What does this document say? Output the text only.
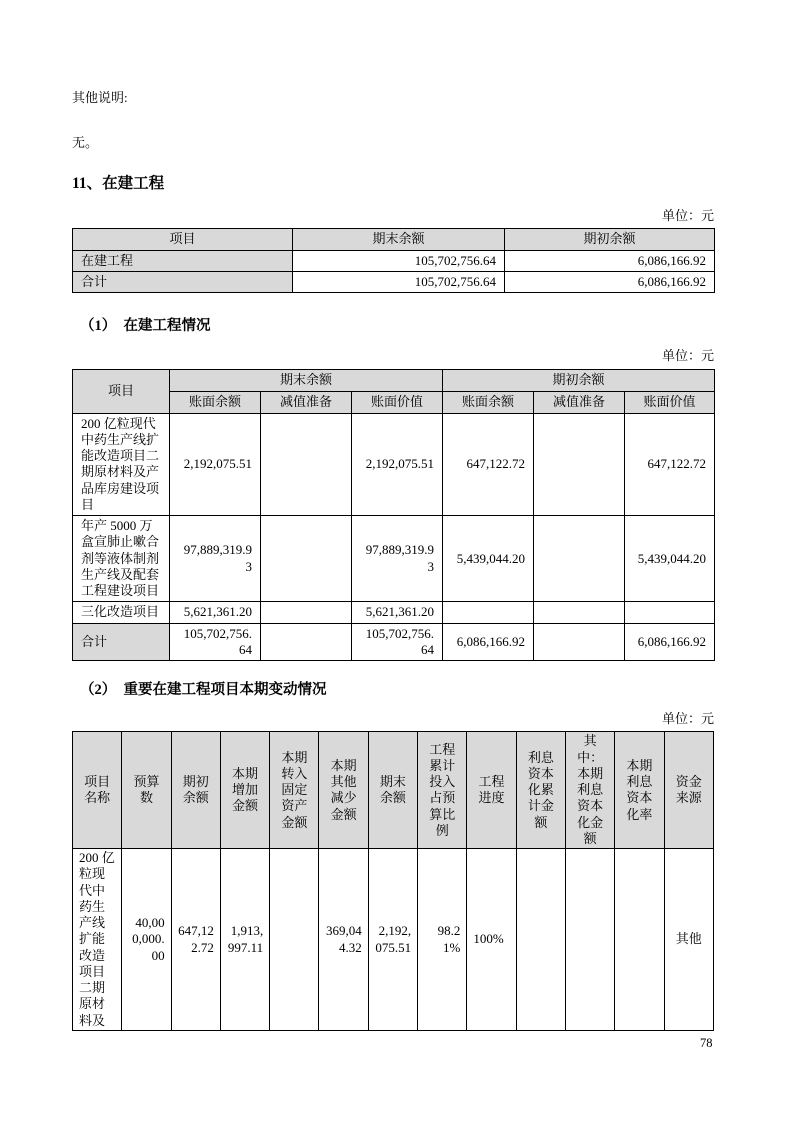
其他说明:

无。

11、在建工程
单位：元
项目	期末余额	期初余额
在建工程	105,702,756.64	6,086,166.92
合计	105,702,756.64	6,086,166.92
（1）　在建工程情况
单位：元
项目	期末余额			期初余额		
	账面余额	减值准备	账面价值	账面余额	减值准备	账面价值
200 亿粒现代中药生产线扩能改造项目二期原材料及产品库房建设项目	2,192,075.51		2,192,075.51	647,122.72		647,122.72
年产 5000 万盒宣肺止嗽合剂等液体制剂生产线及配套工程建设项目	97,889,319.93		97,889,319.93	5,439,044.20		5,439,044.20
三化改造项目	5,621,361.20		5,621,361.20			
合计	105,702,756.64		105,702,756.64	6,086,166.92		6,086,166.92
（2）　重要在建工程项目本期变动情况
单位：元
项目名称	预算数	期初余额	本期增加金额	本期转入固定资产金额	本期其他减少金额	期末余额	工程累计投入占预算比例	工程进度	利息资本化累计金额	其中：本期利息资本化金额	本期利息资本化率	资金来源
200 亿粒现代中药生产线扩能改造项目二期原材料及	40,000,000.00	647,122.72	1,913,997.11		369,044.32	2,192,075.51	98.21%	100%				其他
78
